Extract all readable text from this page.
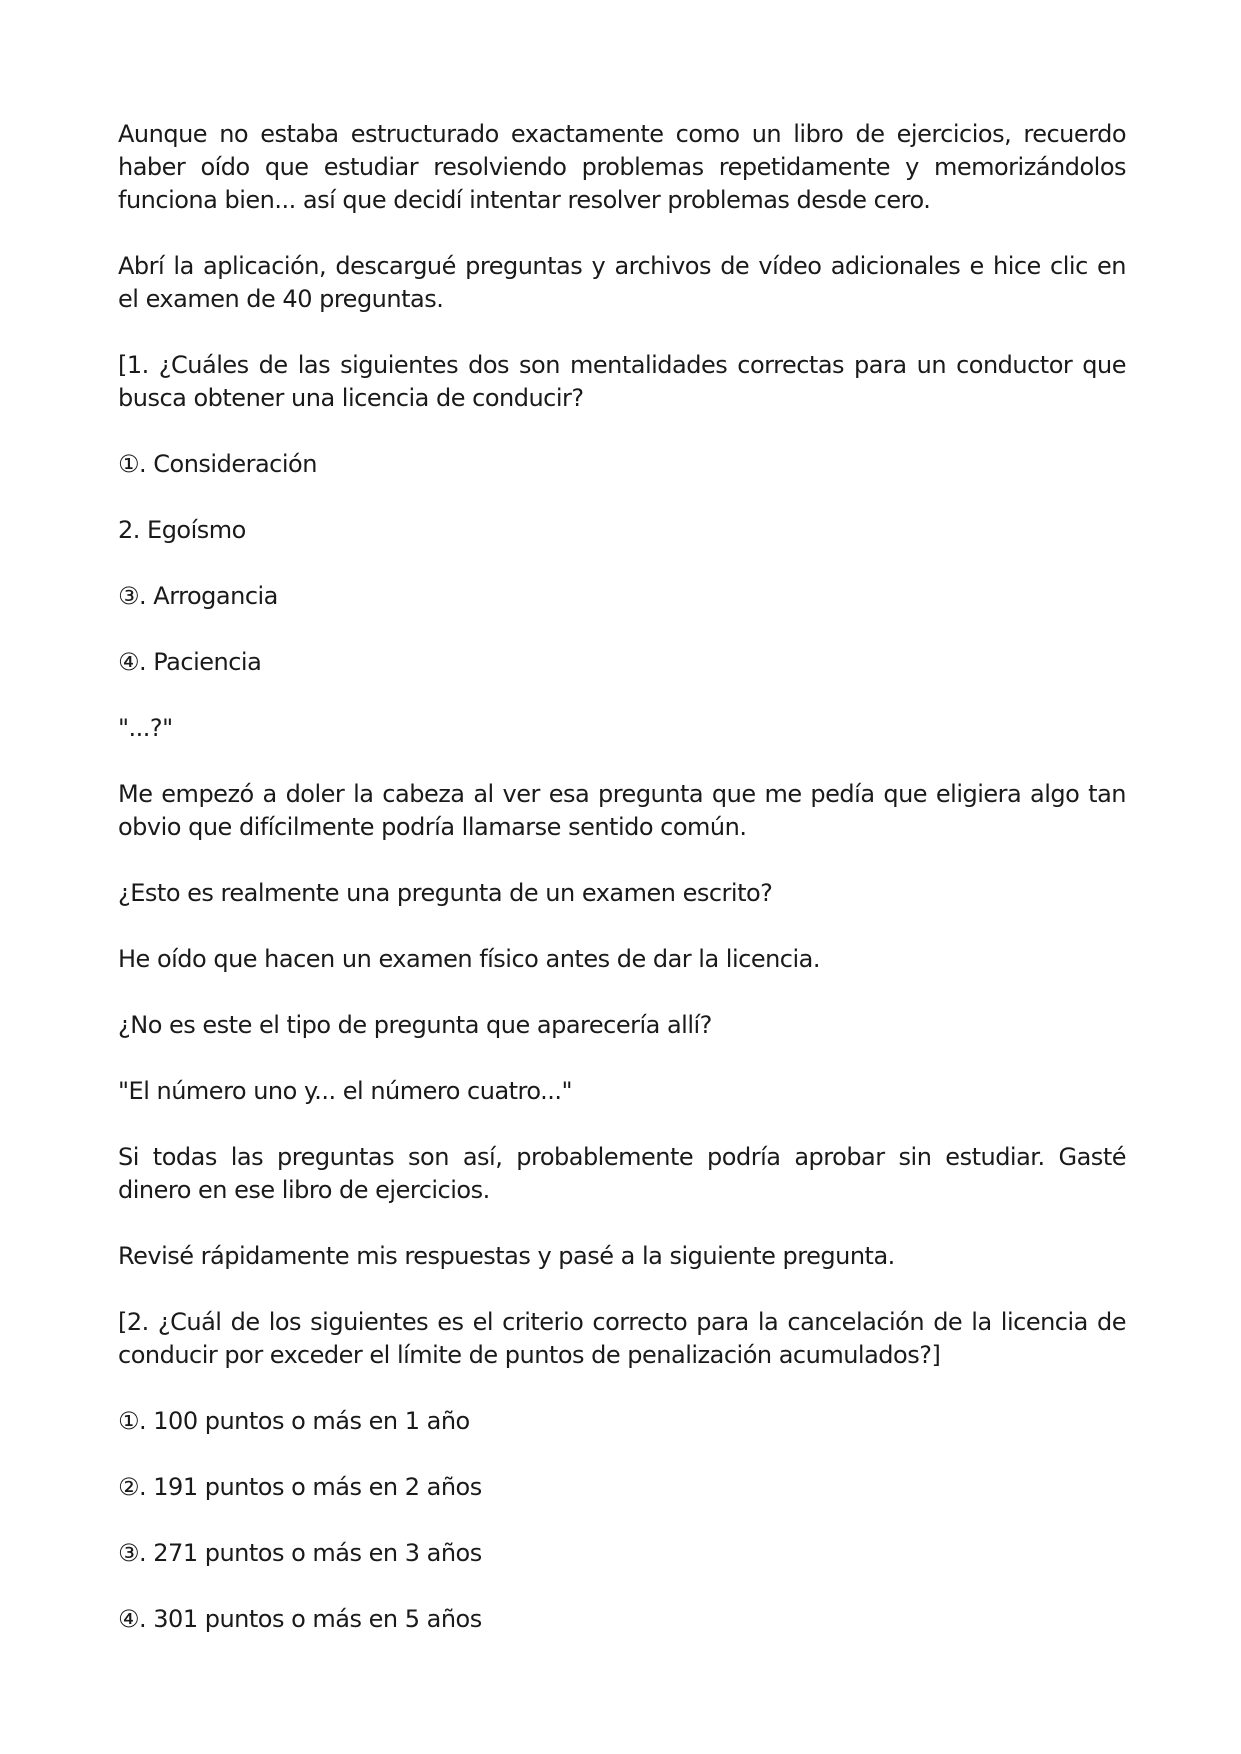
Aunque no estaba estructurado exactamente como un libro de ejercicios, recuerdo haber oído que estudiar resolviendo problemas repetidamente y memorizándolos funciona bien... así que decidí intentar resolver problemas desde cero.

Abrí la aplicación, descargué preguntas y archivos de vídeo adicionales e hice clic en el examen de 40 preguntas.

[1. ¿Cuáles de las siguientes dos son mentalidades correctas para un conductor que busca obtener una licencia de conducir?

①. Consideración

2. Egoísmo

③. Arrogancia

④. Paciencia

"...?"

Me empezó a doler la cabeza al ver esa pregunta que me pedía que eligiera algo tan obvio que difícilmente podría llamarse sentido común.

¿Esto es realmente una pregunta de un examen escrito?

He oído que hacen un examen físico antes de dar la licencia.

¿No es este el tipo de pregunta que aparecería allí?

"El número uno y... el número cuatro..."

Si todas las preguntas son así, probablemente podría aprobar sin estudiar. Gasté dinero en ese libro de ejercicios.

Revisé rápidamente mis respuestas y pasé a la siguiente pregunta.

[2. ¿Cuál de los siguientes es el criterio correcto para la cancelación de la licencia de conducir por exceder el límite de puntos de penalización acumulados?]

①. 100 puntos o más en 1 año

②. 191 puntos o más en 2 años

③. 271 puntos o más en 3 años

④. 301 puntos o más en 5 años
